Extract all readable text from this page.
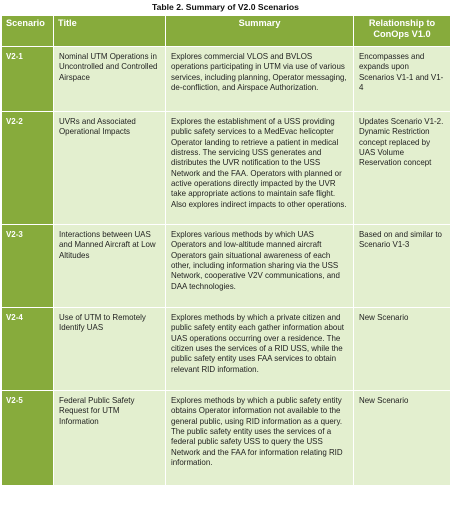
Table 2. Summary of V2.0 Scenarios
Scenario	Title	Summary	Relationship to ConOps V1.0
V2-1	Nominal UTM Operations in Uncontrolled and Controlled Airspace	Explores commercial VLOS and BVLOS operations participating in UTM via use of various services, including planning, Operator messaging, de-confliction, and Airspace Authorization.	Encompasses and expands upon Scenarios V1-1 and V1-4
V2-2	UVRs and Associated Operational Impacts	Explores the establishment of a USS providing public safety services to a MedEvac helicopter Operator landing to retrieve a patient in medical distress. The servicing USS generates and distributes the UVR notification to the USS Network and the FAA. Operators with planned or active operations directly impacted by the UVR take appropriate actions to maintain safe flight. Also explores indirect impacts to other operations.	Updates Scenario V1-2. Dynamic Restriction concept replaced by UAS Volume Reservation concept
V2-3	Interactions between UAS and Manned Aircraft at Low Altitudes	Explores various methods by which UAS Operators and low-altitude manned aircraft Operators gain situational awareness of each other, including information sharing via the USS Network, cooperative V2V communications, and DAA technologies.	Based on and similar to Scenario V1-3
V2-4	Use of UTM to Remotely Identify UAS	Explores methods by which a private citizen and public safety entity each gather information about UAS operations occurring over a residence. The citizen uses the services of a RID USS, while the public safety entity uses FAA services to obtain relevant RID information.	New Scenario
V2-5	Federal Public Safety Request for UTM Information	Explores methods by which a public safety entity obtains Operator information not available to the general public, using RID information as a query. The public safety entity uses the services of a federal public safety USS to query the USS Network and the FAA for information relating RID information.	New Scenario
